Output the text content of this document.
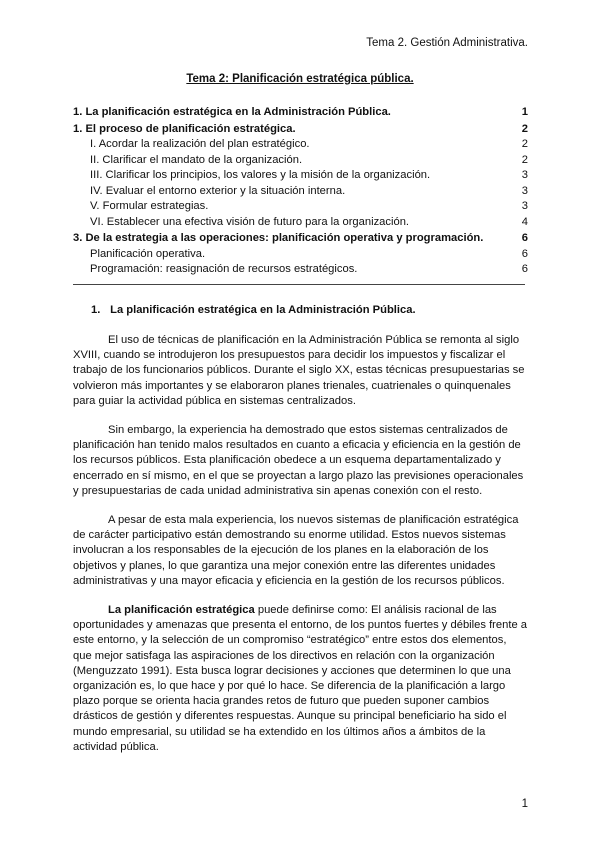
Tema 2. Gestión Administrativa.
Tema 2: Planificación estratégica pública.
1. La planificación estratégica en la Administración Pública.	1
1. El proceso de planificación estratégica.	2
I. Acordar la realización del plan estratégico.	2
II. Clarificar el mandato de la organización.	2
III. Clarificar los principios, los valores y la misión de la organización.	3
IV. Evaluar el entorno exterior y la situación interna.	3
V. Formular estrategias.	3
VI. Establecer una efectiva visión de futuro para la organización.	4
3. De la estrategia a las operaciones: planificación operativa y programación.	6
Planificación operativa.	6
Programación: reasignación de recursos estratégicos.	6
1. La planificación estratégica en la Administración Pública.

El uso de técnicas de planificación en la Administración Pública se remonta al siglo XVIII, cuando se introdujeron los presupuestos para decidir los impuestos y fiscalizar el trabajo de los funcionarios públicos. Durante el siglo XX, estas técnicas presupuestarias se volvieron más importantes y se elaboraron planes trienales, cuatrienales o quinquenales para guiar la actividad pública en sistemas centralizados.

Sin embargo, la experiencia ha demostrado que estos sistemas centralizados de planificación han tenido malos resultados en cuanto a eficacia y eficiencia en la gestión de los recursos públicos. Esta planificación obedece a un esquema departamentalizado y encerrado en sí mismo, en el que se proyectan a largo plazo las previsiones operacionales y presupuestarias de cada unidad administrativa sin apenas conexión con el resto.

A pesar de esta mala experiencia, los nuevos sistemas de planificación estratégica de carácter participativo están demostrando su enorme utilidad. Estos nuevos sistemas involucran a los responsables de la ejecución de los planes en la elaboración de los objetivos y planes, lo que garantiza una mejor conexión entre las diferentes unidades administrativas y una mayor eficacia y eficiencia en la gestión de los recursos públicos.

La planificación estratégica puede definirse como: El análisis racional de las oportunidades y amenazas que presenta el entorno, de los puntos fuertes y débiles frente a este entorno, y la selección de un compromiso “estratégico” entre estos dos elementos, que mejor satisfaga las aspiraciones de los directivos en relación con la organización (Menguzzato 1991). Esta busca lograr decisiones y acciones que determinen lo que una organización es, lo que hace y por qué lo hace. Se diferencia de la planificación a largo plazo porque se orienta hacia grandes retos de futuro que pueden suponer cambios drásticos de gestión y diferentes respuestas. Aunque su principal beneficiario ha sido el mundo empresarial, su utilidad se ha extendido en los últimos años a ámbitos de la actividad pública.

1
